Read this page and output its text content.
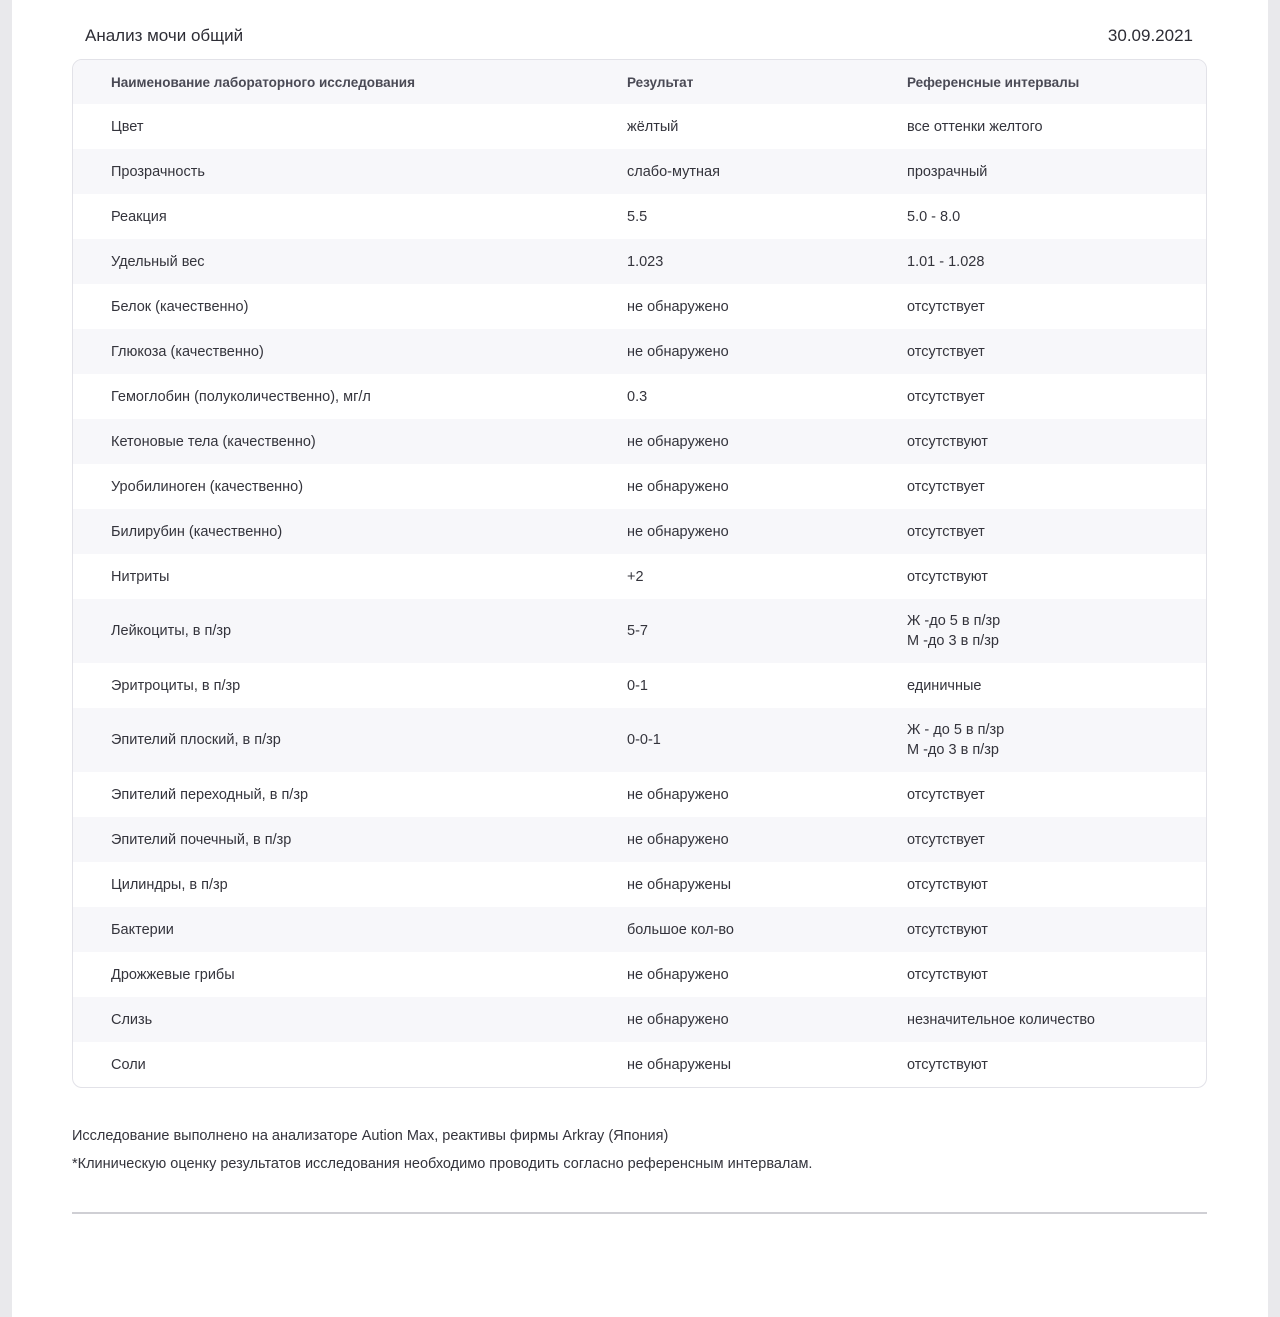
Анализ мочи общий	30.09.2021
Наименование лабораторного исследования	Результат	Референсные интервалы
Цвет	жёлтый	все оттенки желтого

Прозрачность	слабо-мутная	прозрачный

Реакция	5.5	5.0 - 8.0

Удельный вес	1.023	1.01 - 1.028

Белок (качественно)	не обнаружено	отсутствует

Глюкоза (качественно)	не обнаружено	отсутствует

Гемоглобин (полуколичественно), мг/л	0.3	отсутствует

Кетоновые тела (качественно)	не обнаружено	отсутствуют

Уробилиноген (качественно)	не обнаружено	отсутствует

Билирубин (качественно)	не обнаружено	отсутствует

Нитриты	+2	отсутствуют

Лейкоциты, в п/зр	5-7	Ж -до 5 в п/зр
М -до 3 в п/зр

Эритроциты, в п/зр	0-1	единичные

Эпителий плоский, в п/зр	0-0-1	Ж - до 5 в п/зр
М -до 3 в п/зр

Эпителий переходный, в п/зр	не обнаружено	отсутствует

Эпителий почечный, в п/зр	не обнаружено	отсутствует

Цилиндры, в п/зр	не обнаружены	отсутствуют

Бактерии	большое кол-во	отсутствуют

Дрожжевые грибы	не обнаружено	отсутствуют

Слизь	не обнаружено	незначительное количество

Соли	не обнаружены	отсутствуют

Исследование выполнено на анализаторе Aution Max, реактивы фирмы Arkray (Япония)

*Клиническую оценку результатов исследования необходимо проводить согласно референсным интервалам.
